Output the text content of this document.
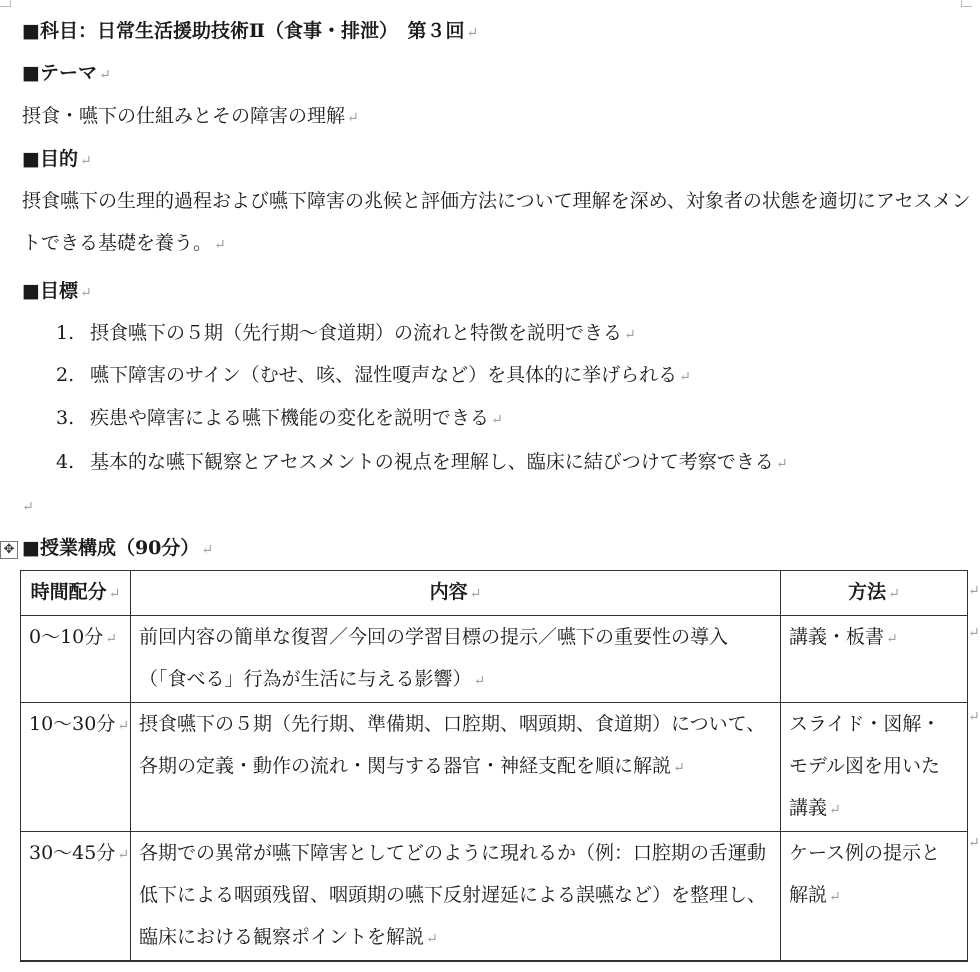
■科目：日常生活援助技術Ⅱ（食事・排泄）　第３回 ↵
■テーマ ↵
摂食・嚥下の仕組みとその障害の理解 ↵
■目的 ↵
摂食嚥下の生理的過程および嚥下障害の兆候と評価方法について理解を深め、対象者の状態を適切にアセスメントできる基礎を養う。 ↵
■目標 ↵
1. 摂食嚥下の５期（先行期～食道期）の流れと特徴を説明できる ↵
2. 嚥下障害のサイン（むせ、咳、湿性嗄声など）を具体的に挙げられる ↵
3. 疾患や障害による嚥下機能の変化を説明できる ↵
4. 基本的な嚥下観察とアセスメントの視点を理解し、臨床に結びつけて考察できる ↵
↵
✥ ■授業構成（90分） ↵
時間配分 ↵	内容 ↵	方法 ↵
0～10分 ↵	前回内容の簡単な復習／今回の学習目標の提示／嚥下の重要性の導入（「食べる」行為が生活に与える影響） ↵	講義・板書 ↵
10～30分 ↵	摂食嚥下の５期（先行期、準備期、口腔期、咽頭期、食道期）について、各期の定義・動作の流れ・関与する器官・神経支配を順に解説 ↵	スライド・図解・モデル図を用いた講義 ↵
30～45分 ↵	各期での異常が嚥下障害としてどのように現れるか（例：口腔期の舌運動低下による咽頭残留、咽頭期の嚥下反射遅延による誤嚥など）を整理し、臨床における観察ポイントを解説 ↵	ケース例の提示と解説 ↵

↵
↵
↵
↵
